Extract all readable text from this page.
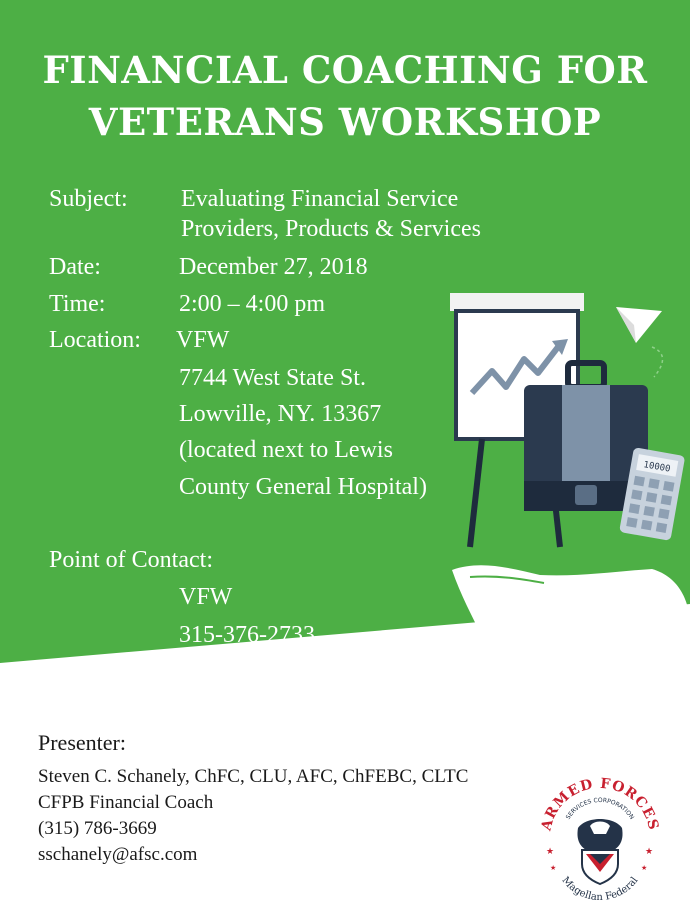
FINANCIAL COACHING FOR
VETERANS WORKSHOP
Subject: Evaluating Financial Service
Providers, Products & Services
Date:	December 27, 2018
Time:	2:00 – 4:00 pm
Location: VFW
7744 West State St.
Lowville, NY. 13367
(located next to Lewis
County General Hospital)
Point of Contact:
VFW
315-376-2733
10000
Presenter:
Steven C. Schanely, ChFC, CLU, AFC, ChFEBC, CLTC
CFPB Financial Coach
(315) 786-3669
sschanely@afsc.com
ARMED FORCES
SERVICES CORPORATION
Magellan Federal
★	★
★	★
